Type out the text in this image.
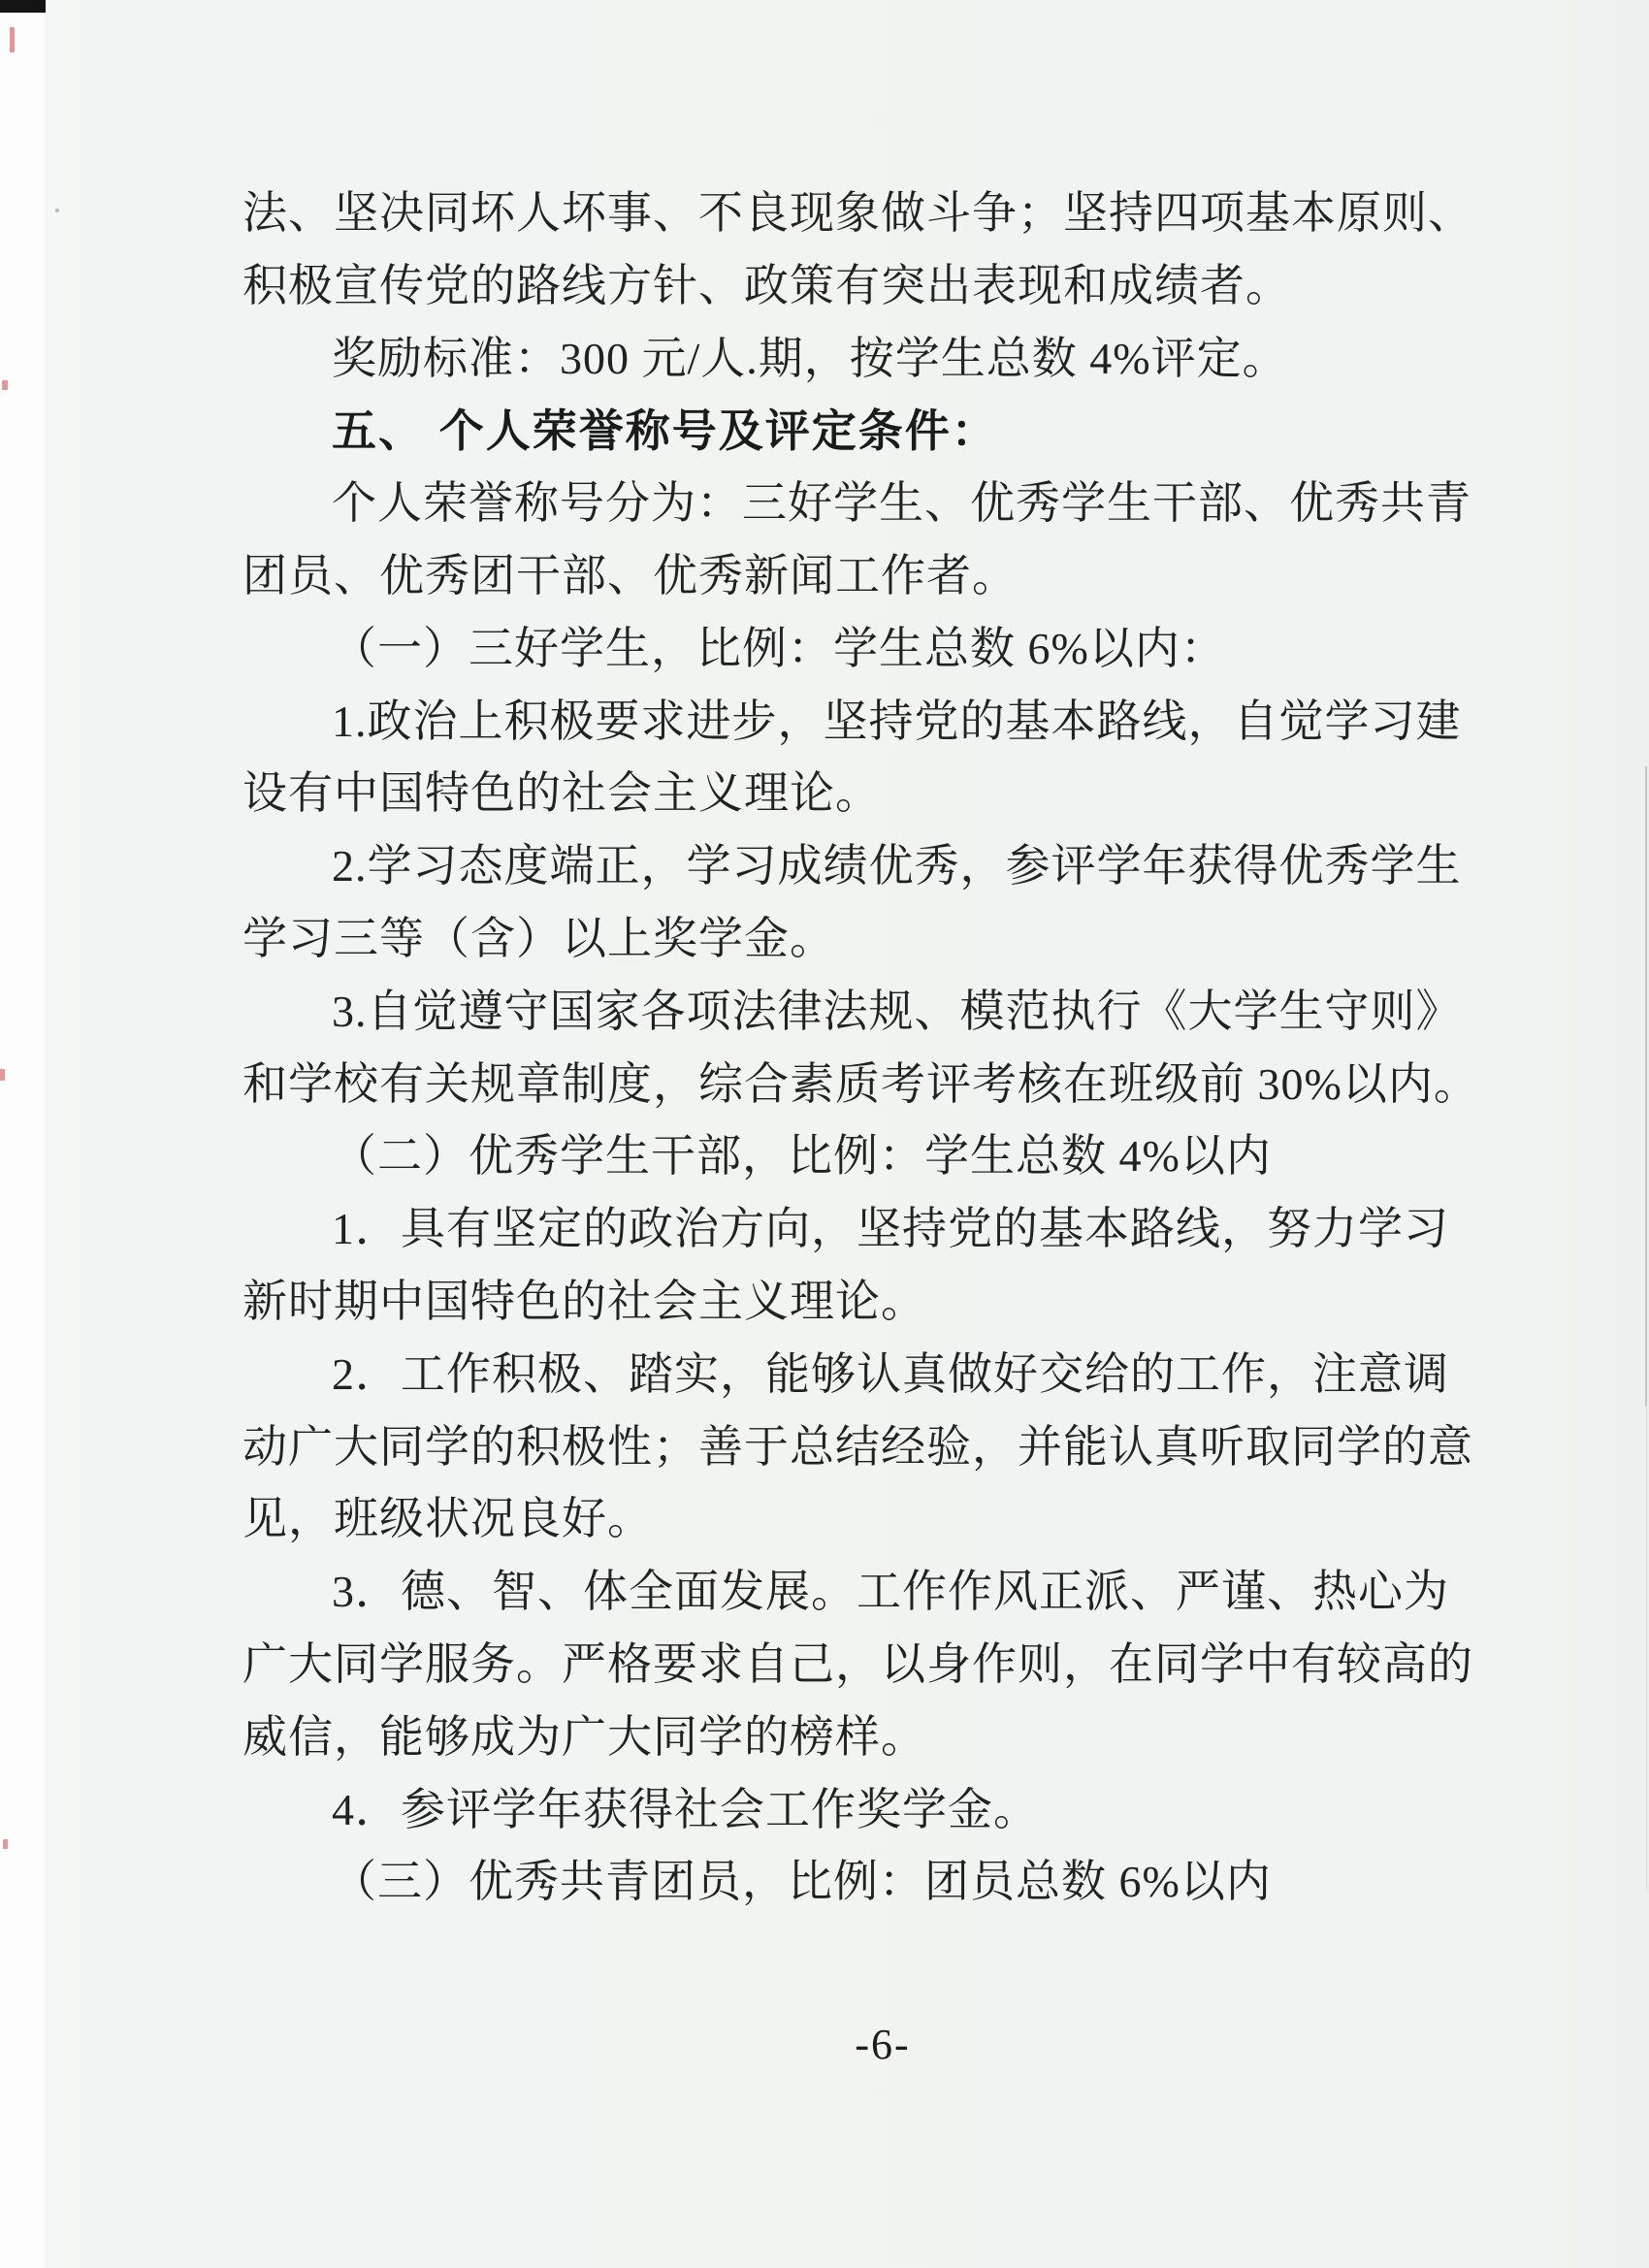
法、坚决同坏人坏事、不良现象做斗争；坚持四项基本原则、
积极宣传党的路线方针、政策有突出表现和成绩者。
奖励标准：300 元/人.期，按学生总数 4%评定。
五、 个人荣誉称号及评定条件：
个人荣誉称号分为：三好学生、优秀学生干部、优秀共青
团员、优秀团干部、优秀新闻工作者。
（一）三好学生，比例：学生总数 6%以内：
1.政治上积极要求进步，坚持党的基本路线，自觉学习建
设有中国特色的社会主义理论。
2.学习态度端正，学习成绩优秀，参评学年获得优秀学生
学习三等（含）以上奖学金。
3.自觉遵守国家各项法律法规、模范执行《大学生守则》
和学校有关规章制度，综合素质考评考核在班级前 30%以内。
（二）优秀学生干部，比例：学生总数 4%以内
1．具有坚定的政治方向，坚持党的基本路线，努力学习
新时期中国特色的社会主义理论。
2．工作积极、踏实，能够认真做好交给的工作，注意调
动广大同学的积极性；善于总结经验，并能认真听取同学的意
见，班级状况良好。
3．德、智、体全面发展。工作作风正派、严谨、热心为
广大同学服务。严格要求自己，以身作则，在同学中有较高的
威信，能够成为广大同学的榜样。
4．参评学年获得社会工作奖学金。
（三）优秀共青团员，比例：团员总数 6%以内
-6-
